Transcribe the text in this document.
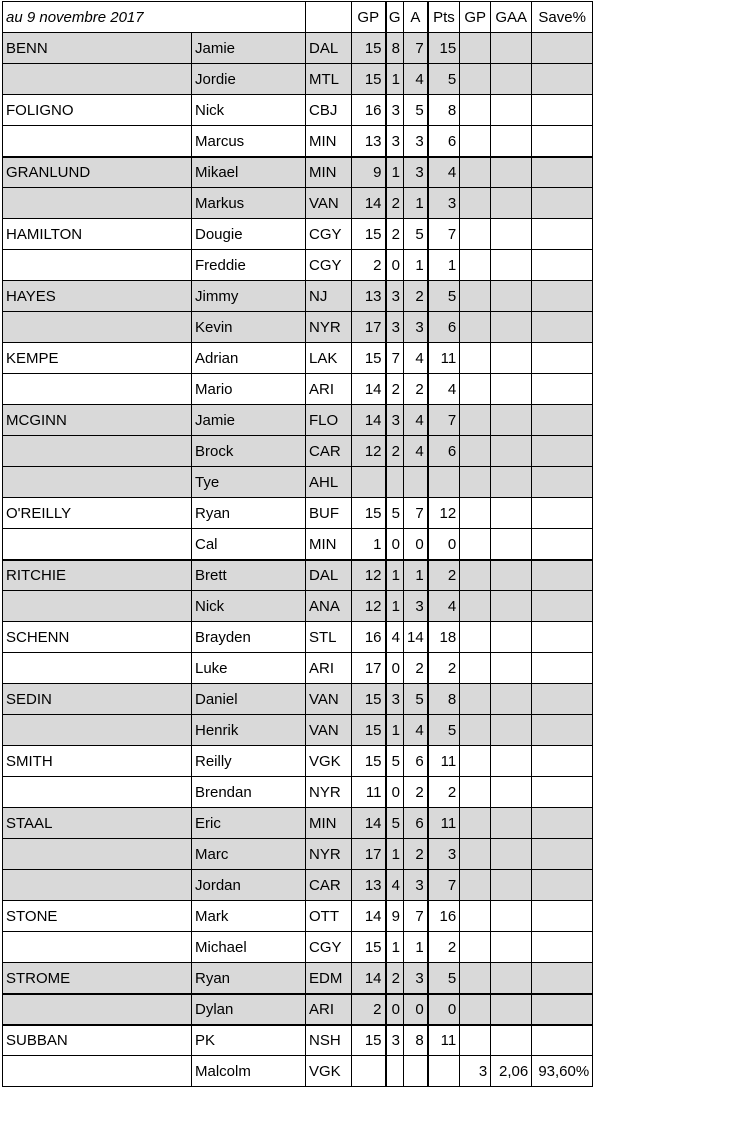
au 9 novembre 2017			GP	G	A	Pts	GP	GAA	Save%
BENN	Jamie	DAL	15	8	7	15			
	Jordie	MTL	15	1	4	5			
FOLIGNO	Nick	CBJ	16	3	5	8			
	Marcus	MIN	13	3	3	6			
GRANLUND	Mikael	MIN	9	1	3	4			
	Markus	VAN	14	2	1	3			
HAMILTON	Dougie	CGY	15	2	5	7			
	Freddie	CGY	2	0	1	1			
HAYES	Jimmy	NJ	13	3	2	5			
	Kevin	NYR	17	3	3	6			
KEMPE	Adrian	LAK	15	7	4	11			
	Mario	ARI	14	2	2	4			
MCGINN	Jamie	FLO	14	3	4	7			
	Brock	CAR	12	2	4	6			
	Tye	AHL							
O'REILLY	Ryan	BUF	15	5	7	12			
	Cal	MIN	1	0	0	0			
RITCHIE	Brett	DAL	12	1	1	2			
	Nick	ANA	12	1	3	4			
SCHENN	Brayden	STL	16	4	14	18			
	Luke	ARI	17	0	2	2			
SEDIN	Daniel	VAN	15	3	5	8			
	Henrik	VAN	15	1	4	5			
SMITH	Reilly	VGK	15	5	6	11			
	Brendan	NYR	11	0	2	2			
STAAL	Eric	MIN	14	5	6	11			
	Marc	NYR	17	1	2	3			
	Jordan	CAR	13	4	3	7			
STONE	Mark	OTT	14	9	7	16			
	Michael	CGY	15	1	1	2			
STROME	Ryan	EDM	14	2	3	5			
	Dylan	ARI	2	0	0	0			
SUBBAN	PK	NSH	15	3	8	11			
	Malcolm	VGK					3	2,06	93,60%
